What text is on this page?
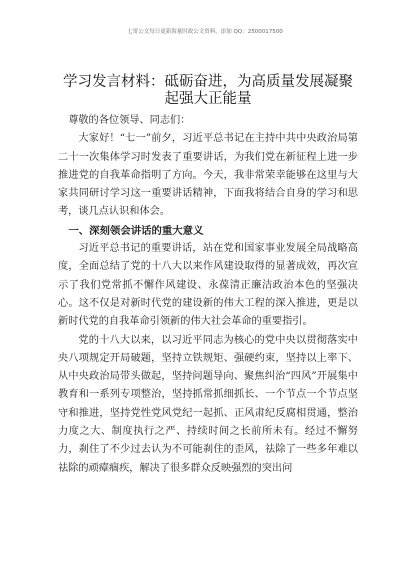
七哥公文每日更新海量时政公文资料，添加 QQ：2500017500
学习发言材料：砥砺奋进，为高质量发展凝聚起强大正能量

尊敬的各位领导、同志们：

大家好！“七一”前夕，习近平总书记在主持中共中央政治局第二十一次集体学习时发表了重要讲话，为我们党在新征程上进一步推进党的自我革命指明了方向。今天，我非常荣幸能够在这里与大家共同研讨学习这一重要讲话精神，下面我将结合自身的学习和思考，谈几点认识和体会。

一、深刻领会讲话的重大意义

习近平总书记的重要讲话，站在党和国家事业发展全局战略高度，全面总结了党的十八大以来作风建设取得的显著成效，再次宣示了我们党常抓不懈作风建设、永葆清正廉洁政治本色的坚强决心。这不仅是对新时代党的建设新的伟大工程的深入推进，更是以新时代党的自我革命引领新的伟大社会革命的重要指引。

党的十八大以来，以习近平同志为核心的党中央以贯彻落实中央八项规定开局破题，坚持立铁规矩、强硬约束，坚持以上率下、从中央政治局带头做起，坚持问题导向、聚焦纠治“四风”开展集中教育和一系列专项整治，坚持抓常抓细抓长、一个节点一个节点坚守和推进，坚持党性党风党纪一起抓、正风肃纪反腐相贯通，整治力度之大、制度执行之严、持续时间之长前所未有。经过不懈努力，刹住了不少过去认为不可能刹住的歪风，祛除了一些多年难以祛除的顽瘴痼疾，解决了很多群众反映强烈的突出问
